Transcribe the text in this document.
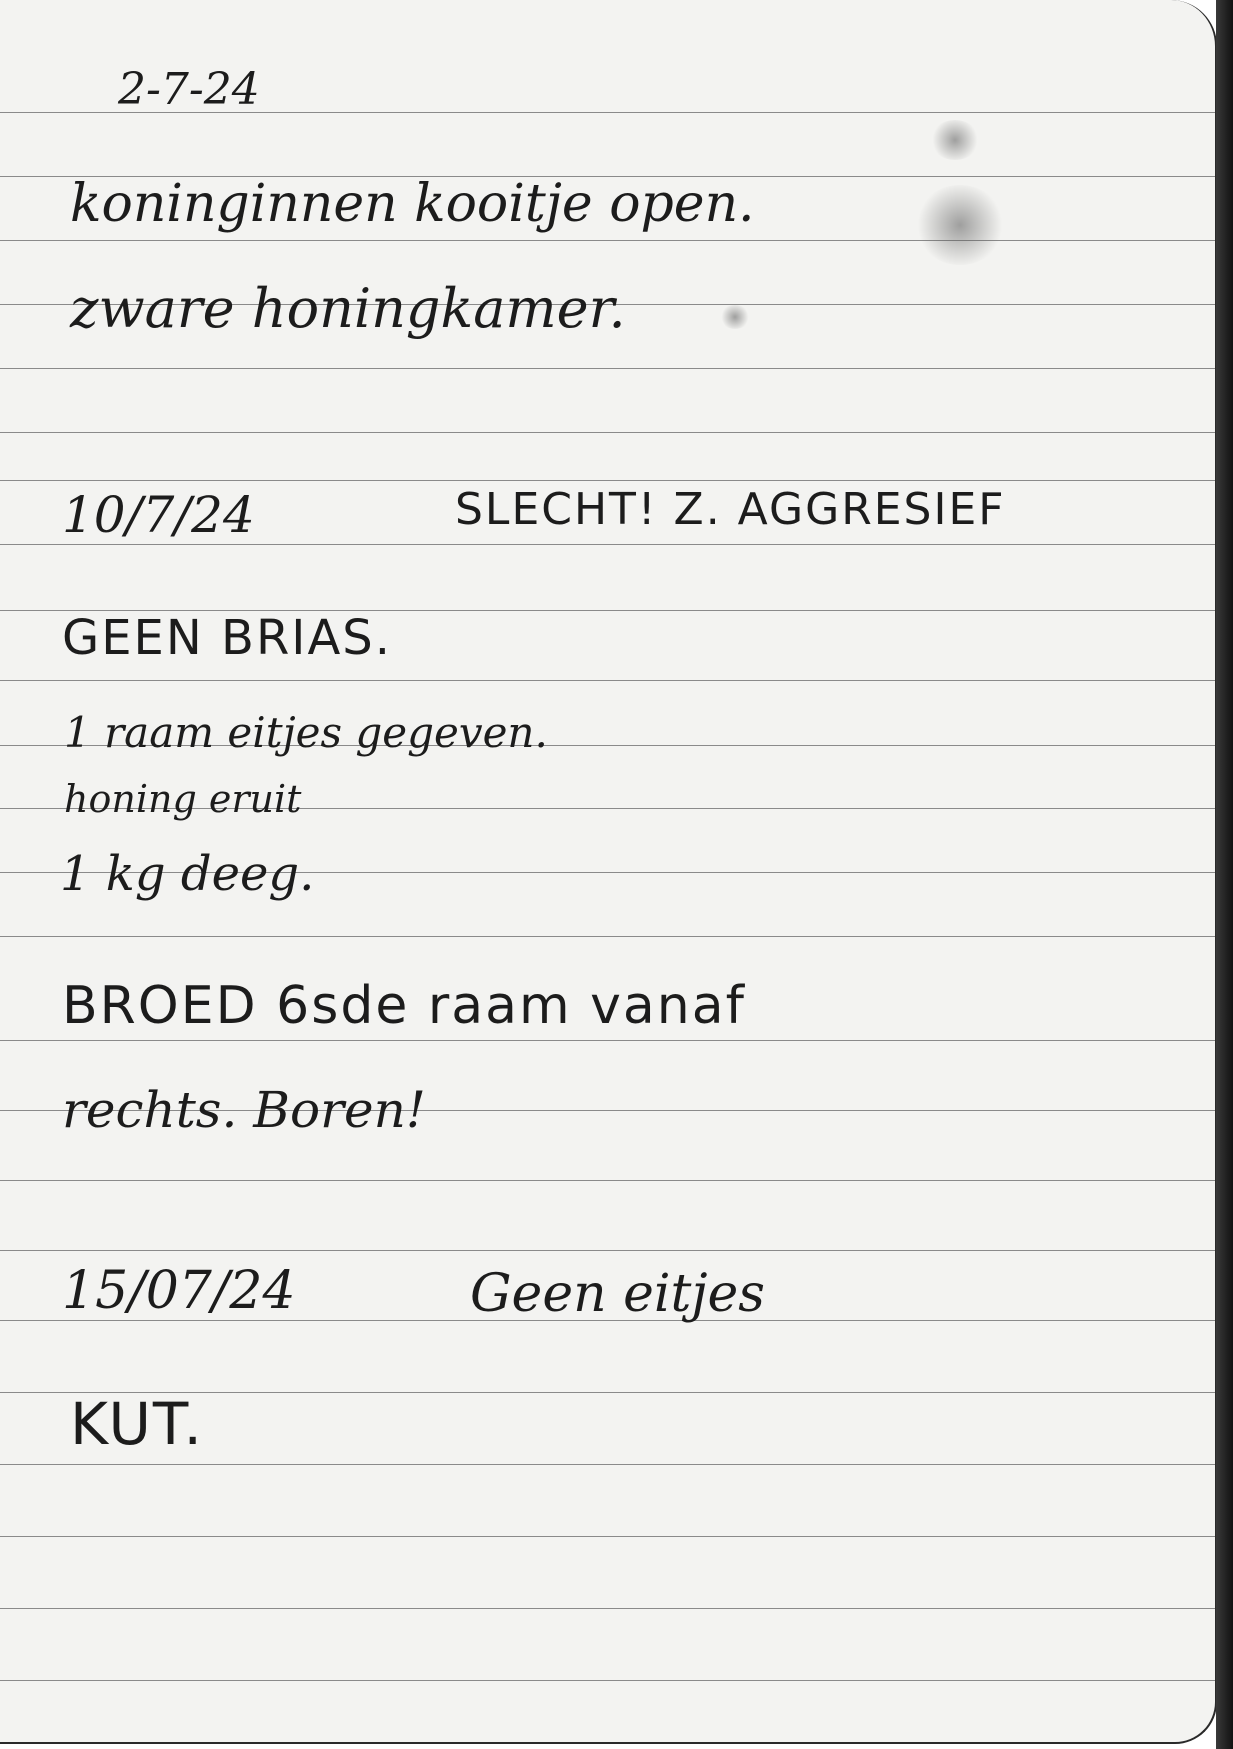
2-7-24
koninginnen kooitje open.
zware honingkamer.
10/7/24	SLECHT! Z. AGGRESIEF
GEEN BRIAS.
1 raam eitjes gegeven.
honing eruit
1 kg deeg.
BROED 6sde raam vanaf
rechts. Boren!
15/07/24	Geen eitjes
KUT.
